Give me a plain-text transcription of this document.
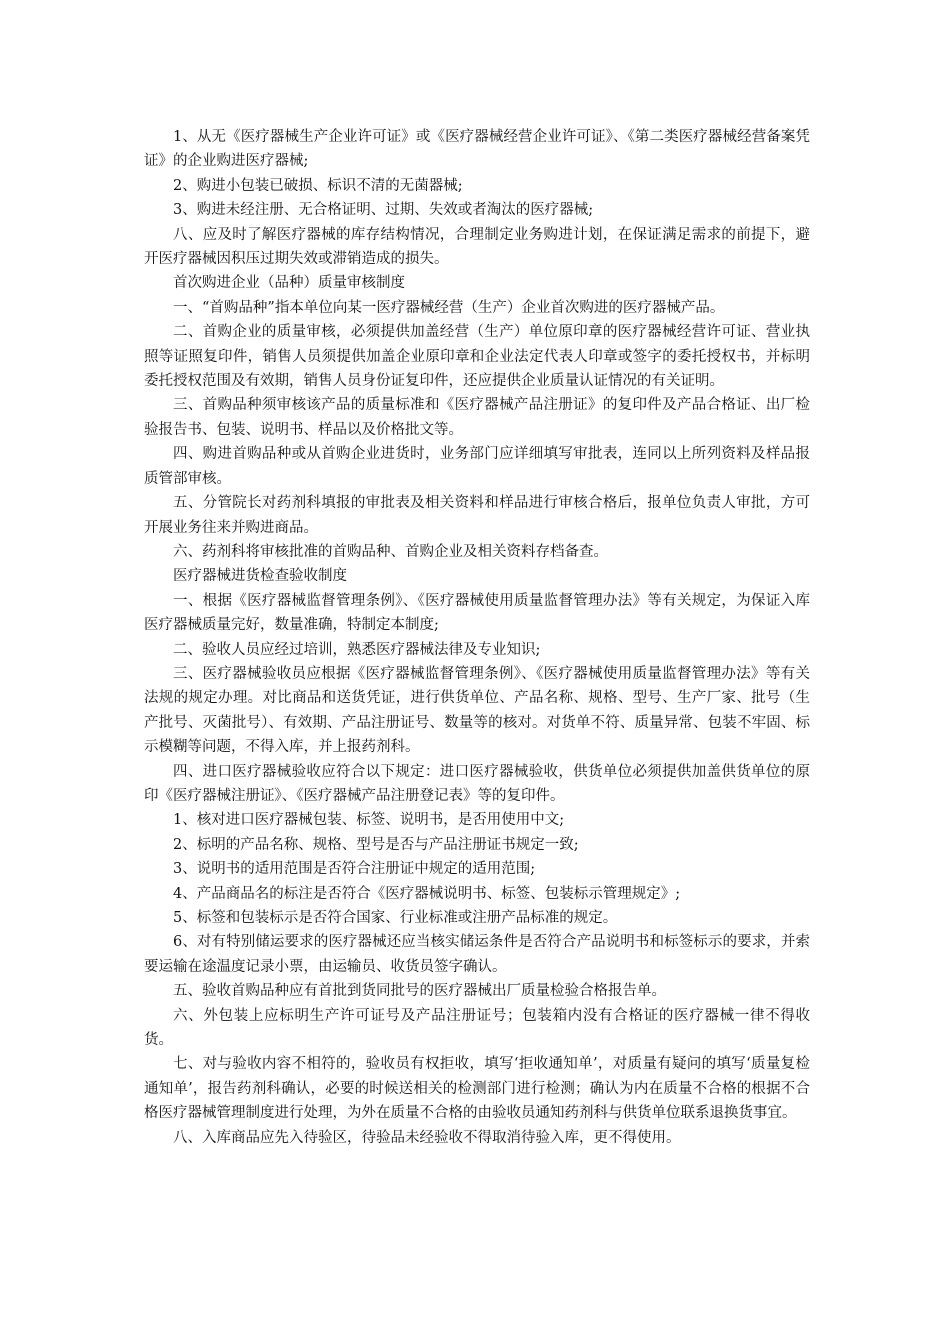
1、从无《医疗器械生产企业许可证》或《医疗器械经营企业许可证》、《第二类医疗器械经营备案凭证》的企业购进医疗器械;

2、购进小包装已破损、标识不清的无菌器械;

3、购进未经注册、无合格证明、过期、失效或者淘汰的医疗器械;

八、应及时了解医疗器械的库存结构情况，合理制定业务购进计划，在保证满足需求的前提下，避开医疗器械因积压过期失效或滞销造成的损失。

首次购进企业（品种）质量审核制度

一、“首购品种”指本单位向某一医疗器械经营（生产）企业首次购进的医疗器械产品。

二、首购企业的质量审核，必须提供加盖经营（生产）单位原印章的医疗器械经营许可证、营业执照等证照复印件，销售人员须提供加盖企业原印章和企业法定代表人印章或签字的委托授权书，并标明委托授权范围及有效期，销售人员身份证复印件，还应提供企业质量认证情况的有关证明。

三、首购品种须审核该产品的质量标准和《医疗器械产品注册证》的复印件及产品合格证、出厂检验报告书、包装、说明书、样品以及价格批文等。

四、购进首购品种或从首购企业进货时，业务部门应详细填写审批表，连同以上所列资料及样品报质管部审核。

五、分管院长对药剂科填报的审批表及相关资料和样品进行审核合格后，报单位负责人审批，方可开展业务往来并购进商品。

六、药剂科将审核批准的首购品种、首购企业及相关资料存档备查。

医疗器械进货检查验收制度

一、根据《医疗器械监督管理条例》、《医疗器械使用质量监督管理办法》等有关规定，为保证入库医疗器械质量完好，数量准确，特制定本制度;

二、验收人员应经过培训，熟悉医疗器械法律及专业知识;

三、医疗器械验收员应根据《医疗器械监督管理条例》、《医疗器械使用质量监督管理办法》等有关法规的规定办理。对比商品和送货凭证，进行供货单位、产品名称、规格、型号、生产厂家、批号（生产批号、灭菌批号）、有效期、产品注册证号、数量等的核对。对货单不符、质量异常、包装不牢固、标示模糊等问题，不得入库，并上报药剂科。

四、进口医疗器械验收应符合以下规定：进口医疗器械验收，供货单位必须提供加盖供货单位的原印《医疗器械注册证》、《医疗器械产品注册登记表》等的复印件。

1、核对进口医疗器械包装、标签、说明书，是否用使用中文;

2、标明的产品名称、规格、型号是否与产品注册证书规定一致;

3、说明书的适用范围是否符合注册证中规定的适用范围;

4、产品商品名的标注是否符合《医疗器械说明书、标签、包装标示管理规定》;

5、标签和包装标示是否符合国家、行业标准或注册产品标准的规定。

6、对有特别储运要求的医疗器械还应当核实储运条件是否符合产品说明书和标签标示的要求，并索要运输在途温度记录小票，由运输员、收货员签字确认。

五、验收首购品种应有首批到货同批号的医疗器械出厂质量检验合格报告单。

六、外包装上应标明生产许可证号及产品注册证号；包装箱内没有合格证的医疗器械一律不得收货。

七、对与验收内容不相符的，验收员有权拒收，填写‘拒收通知单’，对质量有疑问的填写‘质量复检通知单’，报告药剂科确认，必要的时候送相关的检测部门进行检测；确认为内在质量不合格的根据不合格医疗器械管理制度进行处理，为外在质量不合格的由验收员通知药剂科与供货单位联系退换货事宜。

八、入库商品应先入待验区，待验品未经验收不得取消待验入库，更不得使用。
